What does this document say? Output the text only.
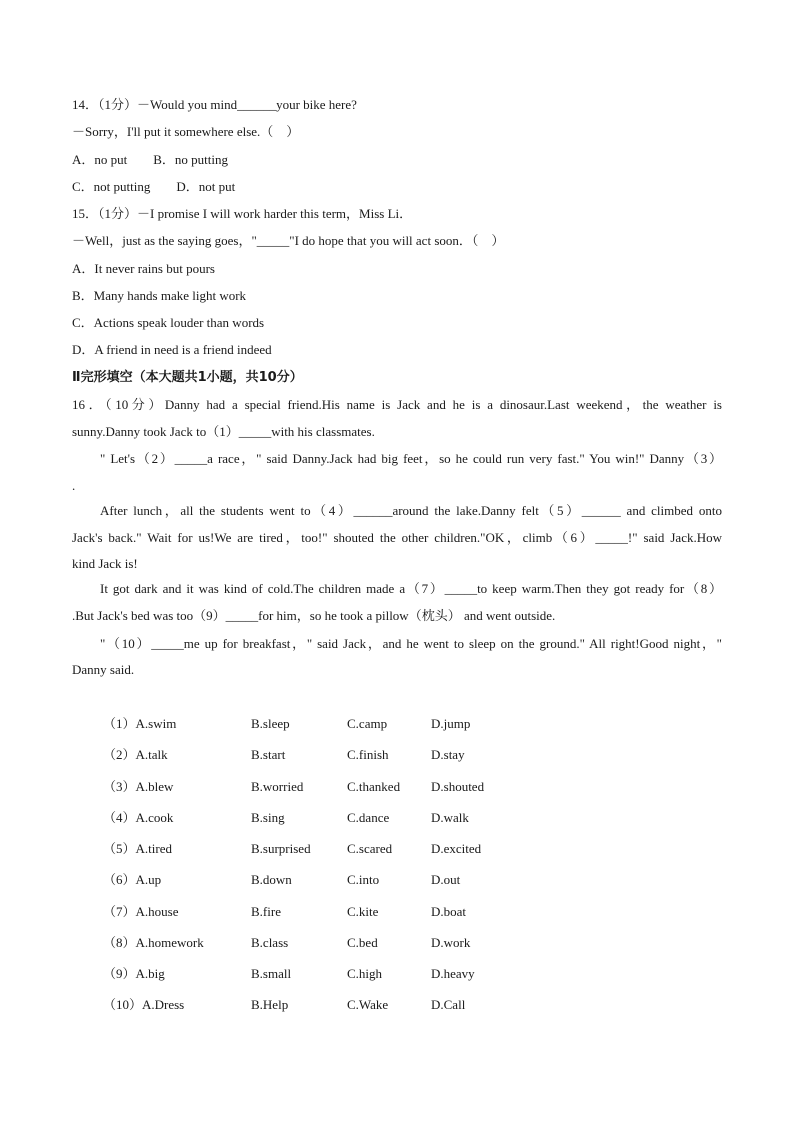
14．（1分）－Would you mind______your bike here?
－Sorry，I'll put it somewhere else.（　）
A．no put　　B．no putting
C．not putting　　D．not put
15．（1分）－I promise I will work harder this term，Miss Li．
－Well，just as the saying goes，"_____"I do hope that you will act soon．（　）
A．It never rains but pours
B．Many hands make light work
C．Actions speak louder than words
D．A friend in need is a friend indeed
Ⅱ完形填空（本大题共1小题，共10分）
16．（10分）Danny had a special friend.His name is Jack and he is a dinosaur.Last weekend，the weather is
sunny.Danny took Jack to（1）_____with his classmates.
" Let's（2）_____a race，" said Danny.Jack had big feet，so he could run very fast." You win!" Danny（3）
.
After lunch，all the students went to（4）______around the lake.Danny felt（5）______ and climbed onto
Jack's back." Wait for us!We are tired，too!" shouted the other children."OK，climb（6）_____!" said Jack.How
kind Jack is!
It got dark and it was kind of cold.The children made a（7）_____to keep warm.Then they got ready for（8）
.But Jack's bed was too（9）_____for him，so he took a pillow（枕头） and went outside.
"（10）_____me up for breakfast，" said Jack，and he went to sleep on the ground." All right!Good night，"
Danny said.
（1）A.swim	B.sleep	C.camp	D.jump
（2）A.talk	B.start	C.finish	D.stay
（3）A.blew	B.worried	C.thanked D.shouted
（4）A.cook	B.sing	C.dance	D.walk
（5）A.tired	B.surprised	C.scared	D.excited
（6）A.up	B.down	C.into	D.out
（7）A.house	B.fire	C.kite	D.boat
（8）A.homework	B.class	C.bed	D.work
（9）A.big	B.small	C.high	D.heavy
（10）A.Dress	B.Help	C.Wake	D.Call
